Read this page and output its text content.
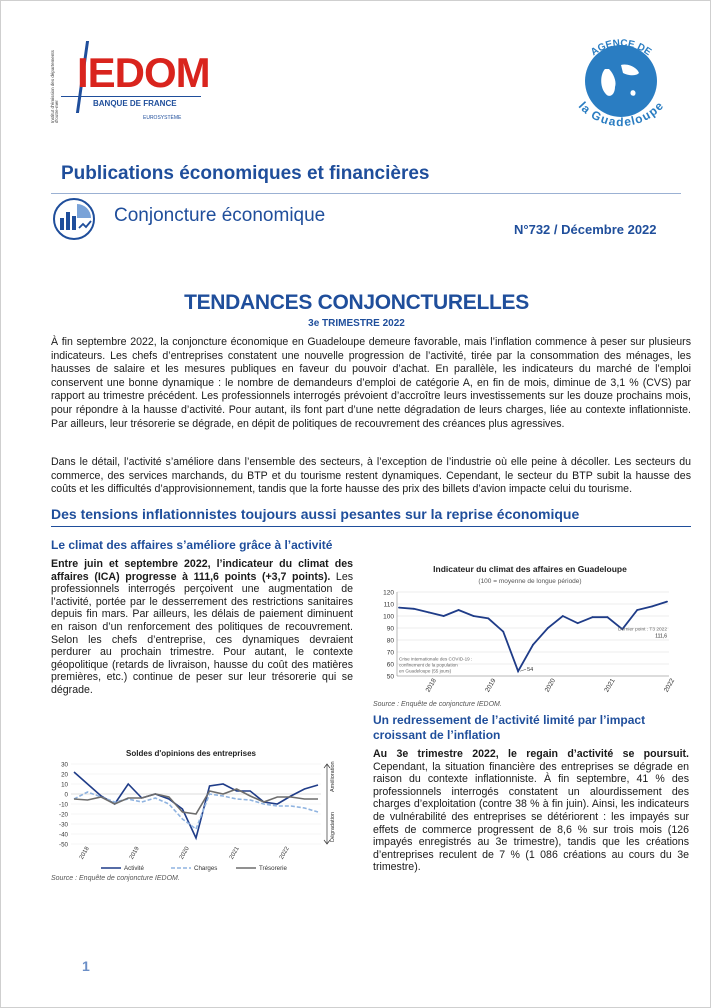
Institut d'émission des départements d'outre-mer
IEDOM
BANQUE DE FRANCE
EUROSYSTÈME
AGENCE DE
la Guadeloupe
Publications économiques et financières
Conjoncture économique
N°732 / Décembre 2022
TENDANCES CONJONCTURELLES
3e TRIMESTRE 2022

À fin septembre 2022, la conjoncture économique en Guadeloupe demeure favorable, mais l’inflation commence à peser sur plusieurs indicateurs. Les chefs d’entreprises constatent une nouvelle progression de l’activité, tirée par la consommation des ménages, les hausses de salaire et les mesures publiques en faveur du pouvoir d’achat. En parallèle, les indicateurs du marché de l’emploi conservent une bonne dynamique : le nombre de demandeurs d’emploi de catégorie A, en fin de mois, diminue de 3,1 % (CVS) par rapport au trimestre précédent. Les professionnels interrogés prévoient d’accroître leurs investissements sur les douze prochains mois, pour répondre à la hausse d’activité. Pour autant, ils font part d’une nette dégradation de leurs charges, liée au contexte inflationniste. Par ailleurs, leur trésorerie se dégrade, en dépit de politiques de recouvrement des créances plus agressives.

Dans le détail, l’activité s’améliore dans l’ensemble des secteurs, à l’exception de l’industrie où elle peine à décoller. Les secteurs du commerce, des services marchands, du BTP et du tourisme restent dynamiques. Cependant, le secteur du BTP subit la hausse des coûts et les difficultés d’approvisionnement, tandis que la forte hausse des prix des billets d’avion impacte celui du tourisme.

Des tensions inflationnistes toujours aussi pesantes sur la reprise économique
Le climat des affaires s’améliore grâce à l’activité

Entre juin et septembre 2022, l’indicateur du climat des affaires (ICA) progresse à 111,6 points (+3,7 points). Les professionnels interrogés perçoivent une augmentation de l’activité, portée par le desserrement des restrictions sanitaires depuis fin mars. Par ailleurs, les délais de paiement diminuent en raison d’un renforcement des politiques de recouvrement. Selon les chefs d’entreprise, ces dynamiques devraient perdurer au prochain trimestre. Pour autant, le contexte géopolitique (retards de livraison, hausse du coût des matières premières, etc.) continue de peser sur leur trésorerie qui se dégrade.

Indicateur du climat des affaires en Guadeloupe
(100 = moyenne de longue période)
50
60
70
80
90
100
110
120
2018	2019	2020	2021	2022
54
Crise internationale des COVID-19 :
confinement de la population
en Guadeloupe (55 jours)
Dernier point : T3 2022
111,6
Source : Enquête de conjoncture IEDOM.
Un redressement de l’activité limité par l’impact croissant de l’inflation

Au 3e trimestre 2022, le regain d’activité se poursuit. Cependant, la situation financière des entreprises se dégrade en raison du contexte inflationniste. À fin septembre, 41 % des professionnels interrogés constatent un alourdissement des charges d’exploitation (contre 38 % à fin juin). Ainsi, les indicateurs de vulnérabilité des entreprises se détériorent : les impayés sur effets de commerce progressent de 8,6 % sur trois mois (126 impayés enregistrés au 3e trimestre), tandis que les créations d’entreprises reculent de 7 % (1 086 créations au cours du 3e trimestre).

Soldes d'opinions des entreprises
30
20
10
0
-10
-20
-30
-40
-50
2018	2019	2020	2021	2022
Amélioration
Dégradation
Activité	Charges	Trésorerie
Source : Enquête de conjoncture IEDOM.
1
